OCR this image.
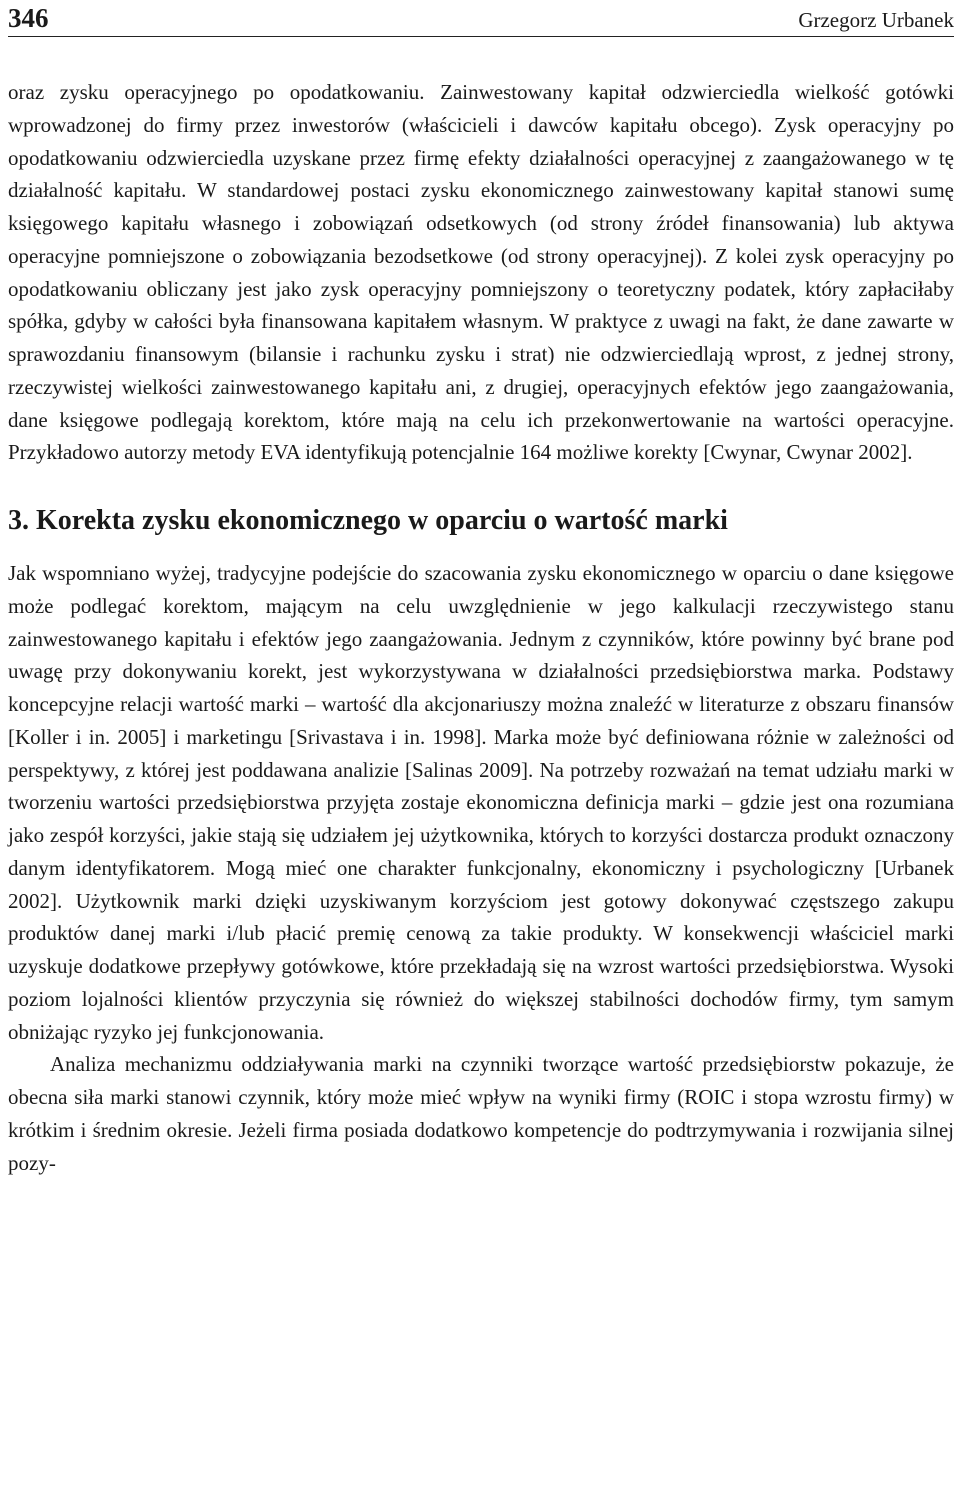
346	Grzegorz Urbanek

oraz zysku operacyjnego po opodatkowaniu. Zainwestowany kapitał odzwierciedla wielkość gotówki wprowadzonej do firmy przez inwestorów (właścicieli i dawców kapitału obcego). Zysk operacyjny po opodatkowaniu odzwierciedla uzyskane przez firmę efekty działalności operacyjnej z zaangażowanego w tę działalność kapitału. W standardowej postaci zysku ekonomicznego zainwestowany kapitał stanowi sumę księgowego kapitału własnego i zobowiązań odsetkowych (od strony źródeł finansowania) lub aktywa operacyjne pomniejszone o zobowiązania bezodsetkowe (od strony operacyjnej). Z kolei zysk operacyjny po opodatkowaniu obliczany jest jako zysk operacyjny pomniejszony o teoretyczny podatek, który zapłaciłaby spółka, gdyby w całości była finansowana kapitałem własnym. W praktyce z uwagi na fakt, że dane zawarte w sprawozdaniu finansowym (bilansie i rachunku zysku i strat) nie odzwierciedlają wprost, z jednej strony, rzeczywistej wielkości zainwestowanego kapitału ani, z drugiej, operacyjnych efektów jego zaangażowania, dane księgowe podlegają korektom, które mają na celu ich przekonwertowanie na wartości operacyjne. Przykładowo autorzy metody EVA identyfikują potencjalnie 164 możliwe korekty [Cwynar, Cwynar 2002].

3. Korekta zysku ekonomicznego w oparciu o wartość marki

Jak wspomniano wyżej, tradycyjne podejście do szacowania zysku ekonomicznego w oparciu o dane księgowe może podlegać korektom, mającym na celu uwzględnienie w jego kalkulacji rzeczywistego stanu zainwestowanego kapitału i efektów jego zaangażowania. Jednym z czynników, które powinny być brane pod uwagę przy dokonywaniu korekt, jest wykorzystywana w działalności przedsiębiorstwa marka. Podstawy koncepcyjne relacji wartość marki – wartość dla akcjonariuszy można znaleźć w literaturze z obszaru finansów [Koller i in. 2005] i marketingu [Srivastava i in. 1998]. Marka może być definiowana różnie w zależności od perspektywy, z której jest poddawana analizie [Salinas 2009]. Na potrzeby rozważań na temat udziału marki w tworzeniu wartości przedsiębiorstwa przyjęta zostaje ekonomiczna definicja marki – gdzie jest ona rozumiana jako zespół korzyści, jakie stają się udziałem jej użytkownika, których to korzyści dostarcza produkt oznaczony danym identyfikatorem. Mogą mieć one charakter funkcjonalny, ekonomiczny i psychologiczny [Urbanek 2002]. Użytkownik marki dzięki uzyskiwanym korzyściom jest gotowy dokonywać częstszego zakupu produktów danej marki i/lub płacić premię cenową za takie produkty. W konsekwencji właściciel marki uzyskuje dodatkowe przepływy gotówkowe, które przekładają się na wzrost wartości przedsiębiorstwa. Wysoki poziom lojalności klientów przyczynia się również do większej stabilności dochodów firmy, tym samym obniżając ryzyko jej funkcjonowania.

Analiza mechanizmu oddziaływania marki na czynniki tworzące wartość przedsiębiorstw pokazuje, że obecna siła marki stanowi czynnik, który może mieć wpływ na wyniki firmy (ROIC i stopa wzrostu firmy) w krótkim i średnim okresie. Jeżeli firma posiada dodatkowo kompetencje do podtrzymywania i rozwijania silnej pozy-
